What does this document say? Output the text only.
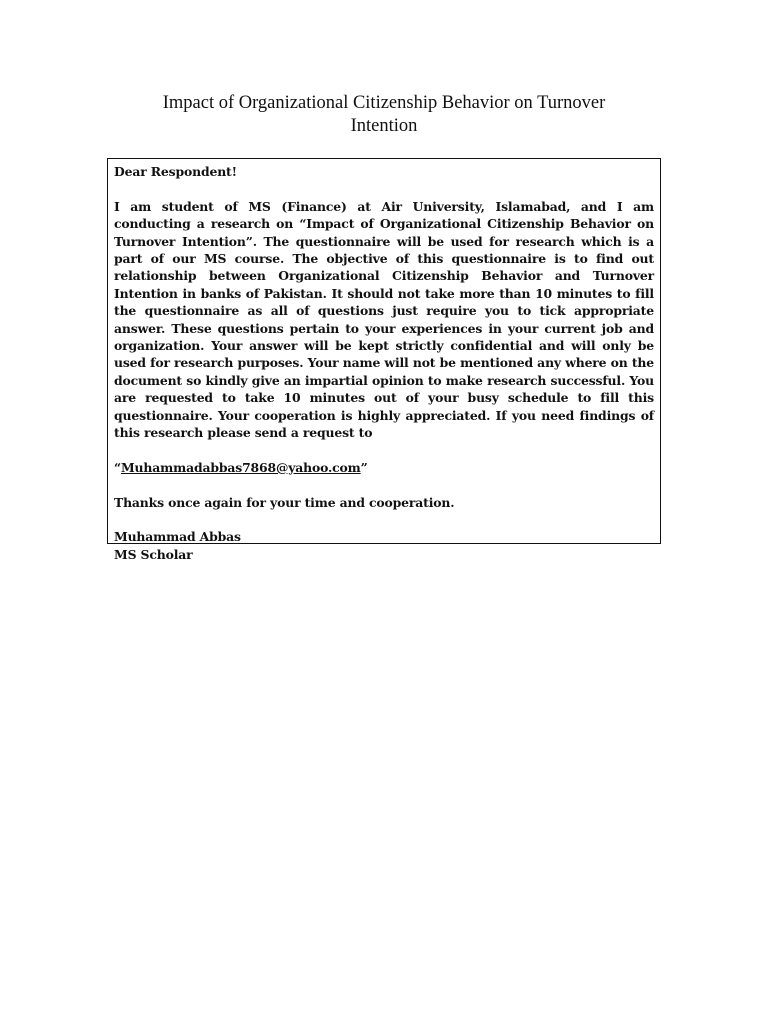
Impact of Organizational Citizenship Behavior on Turnover
Intention

Dear Respondent!

I am student of MS (Finance) at Air University, Islamabad, and I am conducting a research on “Impact of Organizational Citizenship Behavior on Turnover Intention”. The questionnaire will be used for research which is a part of our MS course. The objective of this questionnaire is to find out relationship between Organizational Citizenship Behavior and Turnover Intention in banks of Pakistan. It should not take more than 10 minutes to fill the questionnaire as all of questions just require you to tick appropriate answer. These questions pertain to your experiences in your current job and organization. Your answer will be kept strictly confidential and will only be used for research purposes. Your name will not be mentioned any where on the document so kindly give an impartial opinion to make research successful. You are requested to take 10 minutes out of your busy schedule to fill this questionnaire. Your cooperation is highly appreciated. If you need findings of this research please send a request to

“Muhammadabbas7868@yahoo.com”

Thanks once again for your time and cooperation.

Muhammad Abbas

MS Scholar
